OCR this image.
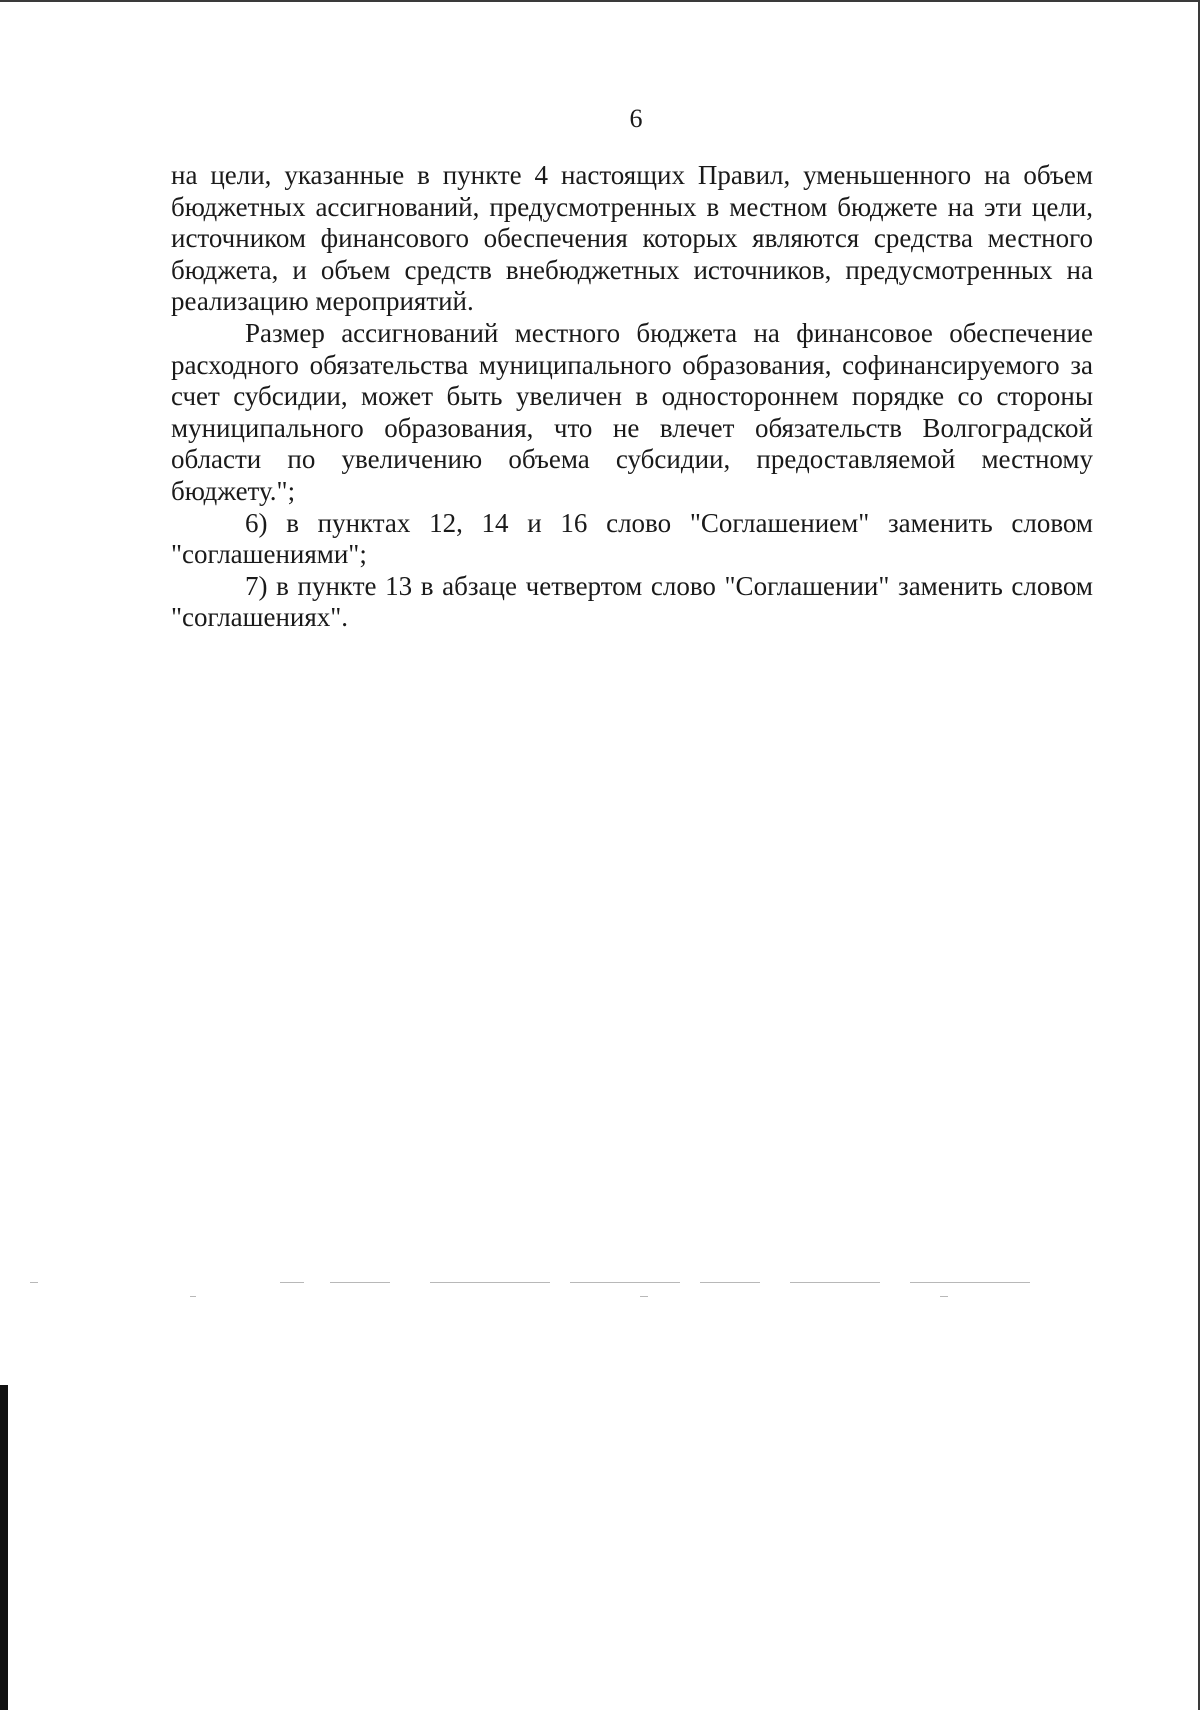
6

на цели, указанные в пункте 4 настоящих Правил, уменьшенного на объем бюджетных ассигнований, предусмотренных в местном бюджете на эти цели, источником финансового обеспечения которых являются средства местного бюджета, и объем средств внебюджетных источников, предусмотренных на реализацию мероприятий.

Размер ассигнований местного бюджета на финансовое обеспечение расходного обязательства муниципального образования, софинансируемого за счет субсидии, может быть увеличен в одностороннем порядке со стороны муниципального образования, что не влечет обязательств Волгоградской области по увеличению объема субсидии, предоставляемой местному бюджету.";

6) в пунктах 12, 14 и 16 слово "Соглашением" заменить словом "соглашениями";

7) в пункте 13 в абзаце четвертом слово "Соглашении" заменить словом "соглашениях".
